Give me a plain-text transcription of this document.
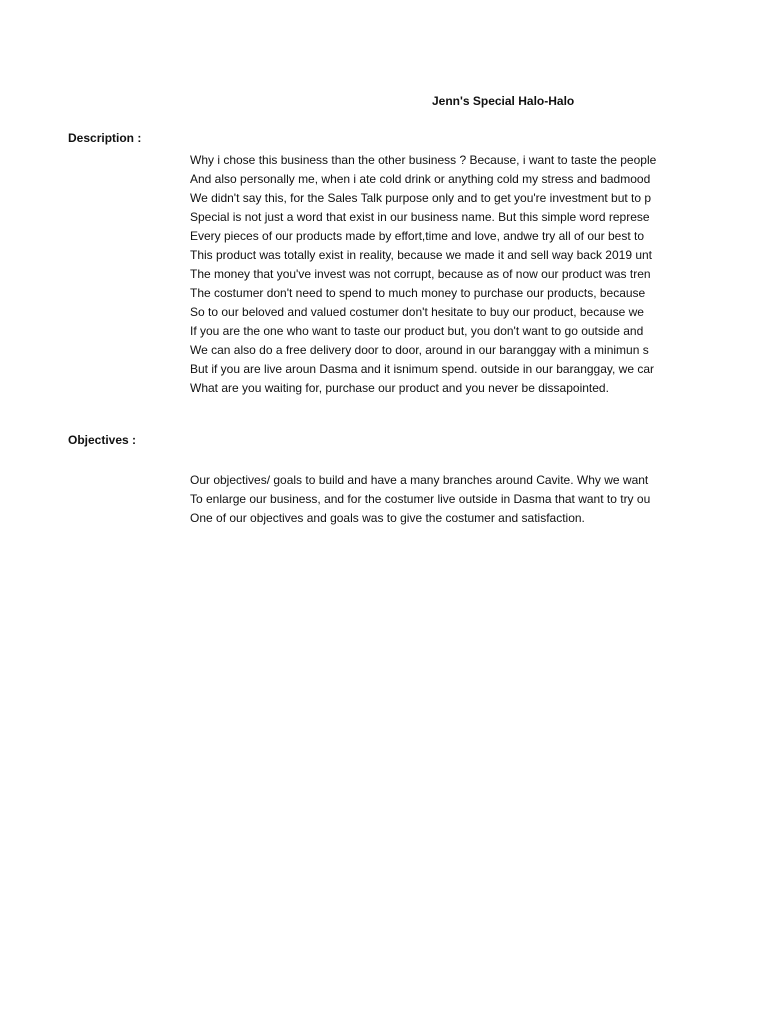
Jenn's Special Halo-Halo
Description :
Why i chose this business than the other business ? Because, i want to taste the people
And also personally me, when i ate cold drink or anything cold my stress and badmood
We didn't say this, for the Sales Talk purpose only and to get you're investment but to p
Special is not just a word that exist in our business name. But this simple word represe
Every pieces of our products made by effort,time and love, andwe try all of our best to
This product was totally exist in reality, because we made it and sell way back 2019 unt
The money that you've invest was not corrupt, because as of now our product was tren
The costumer don't need to spend to much money to purchase our products, because
So to our beloved and valued costumer don't hesitate to buy our product, because we
If you are the one who want to taste our product but, you don't want to go outside and
We can also do a free delivery door to door, around in our baranggay with a minimun s
But if you are live aroun Dasma and it isnimum spend. outside in our baranggay, we car
What are you waiting for, purchase our product and you never be dissapointed.
Objectives :
Our objectives/ goals to build and have a many branches around Cavite. Why we want
To enlarge our business, and for the costumer live outside in Dasma that want to try ou
One of our objectives and goals was to give the costumer and satisfaction.
